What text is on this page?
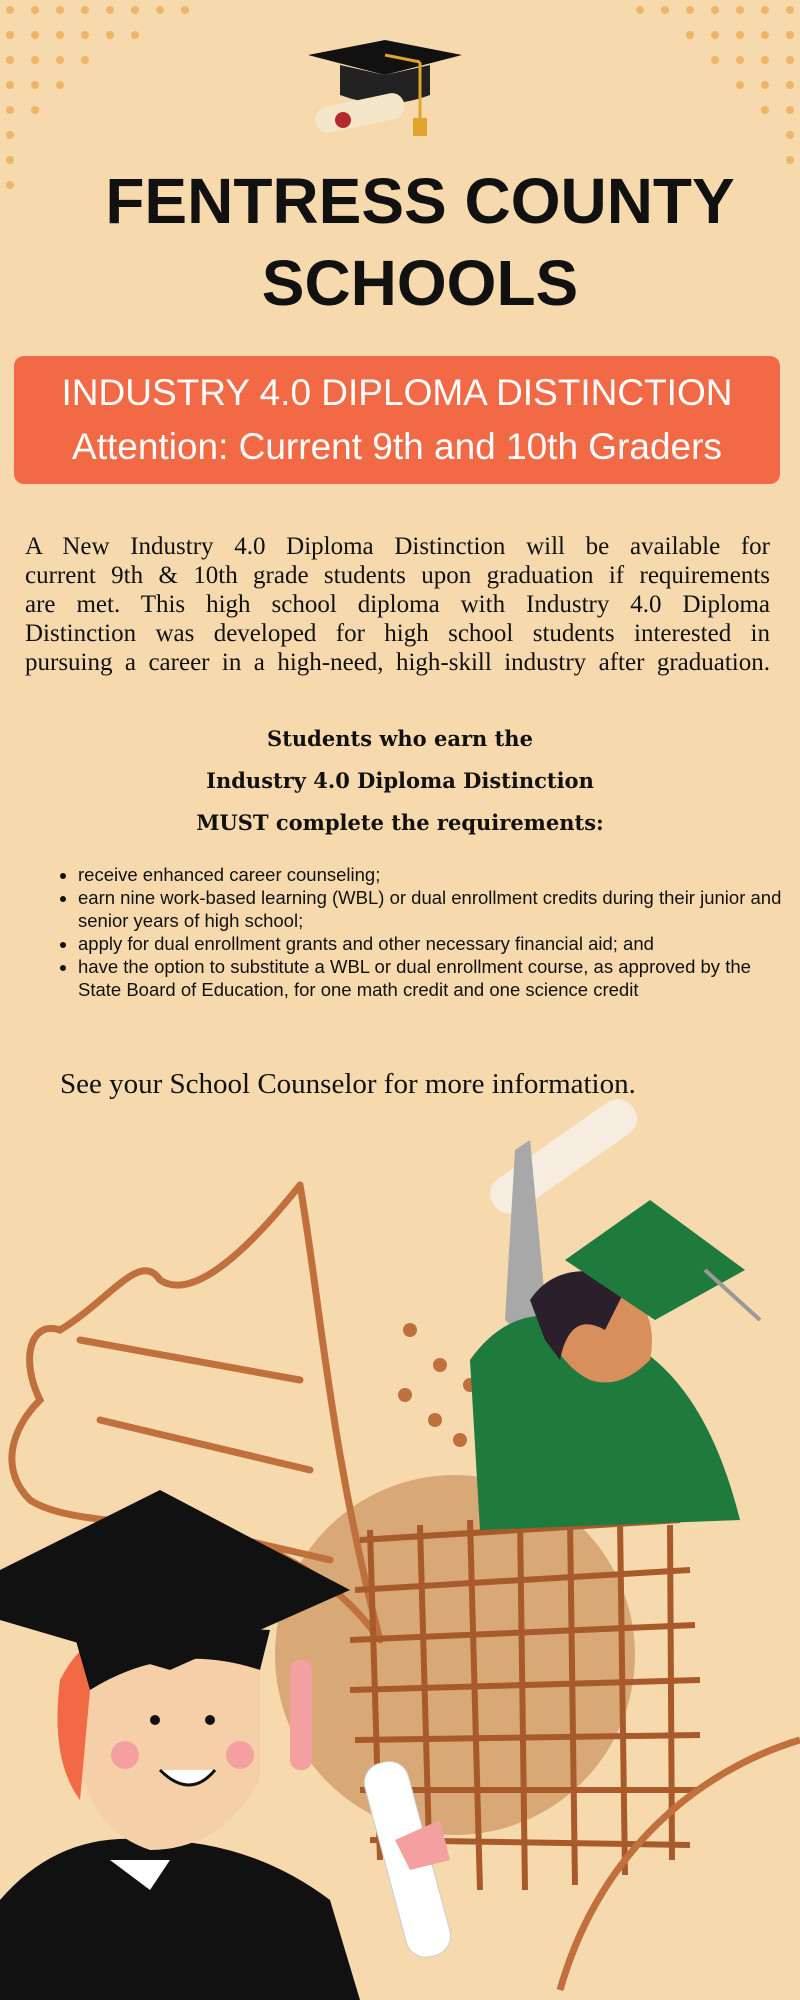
FENTRESS COUNTY
SCHOOLS
INDUSTRY 4.0 DIPLOMA DISTINCTION
Attention: Current 9th and 10th Graders
A New Industry 4.0 Diploma Distinction will be available for
current 9th & 10th grade students upon graduation if requirements
are met. This high school diploma with Industry 4.0 Diploma
Distinction was developed for high school students interested in
pursuing a career in a high-need, high-skill industry after graduation.
Students who earn the
Industry 4.0 Diploma Distinction
MUST complete the requirements:
• receive enhanced career counseling;
• earn nine work-based learning (WBL) or dual enrollment credits during their junior and senior years of high school;
• apply for dual enrollment grants and other necessary financial aid; and
• have the option to substitute a WBL or dual enrollment course, as approved by the State Board of Education, for one math credit and one science credit
See your School Counselor for more information.
